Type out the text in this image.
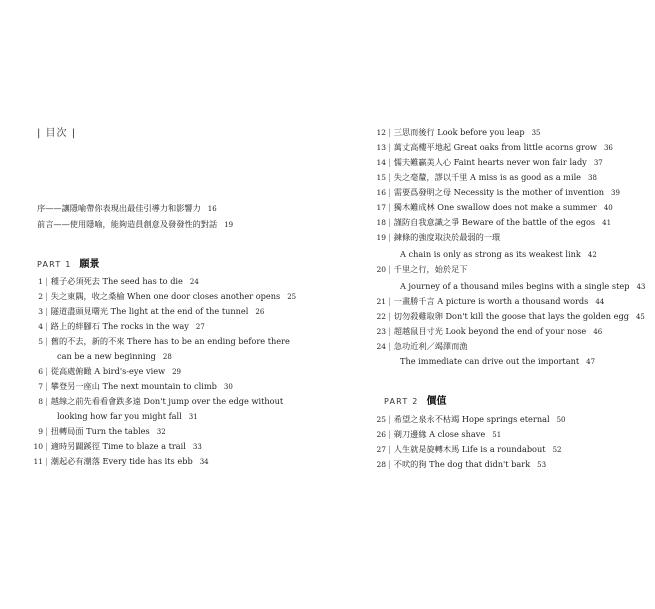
| 目次 |
序——讓隱喻帶你表現出最佳引導力和影響力 16
前言——使用隱喻，能夠造員創意及發發性的對話 19
PART 1 願景
1 | 種子必須死去 The seed has to die 24
2 | 失之東隅，收之桑榆 When one door closes another opens 25
3 | 隧道盡頭見曙光 The light at the end of the tunnel 26
4 | 路上的絆腳石 The rocks in the way 27
5 | 舊的不去，新的不來 There has to be an ending before there
can be a new beginning 28
6 | 從高處俯瞰 A bird's-eye view 29
7 | 攀登另一座山 The next mountain to climb 30
8 | 越線之前先看看會跌多遠 Don't jump over the edge without
looking how far you might fall 31
9 | 扭轉局面 Turn the tables 32
10 | 適時另闢蹊徑 Time to blaze a trail 33
11 | 潮起必有潮落 Every tide has its ebb 34
12 | 三思而後行 Look before you leap 35
13 | 萬丈高樓平地起 Great oaks from little acorns grow 36
14 | 懦夫難贏美人心 Faint hearts never won fair lady 37
15 | 失之毫釐，謬以千里 A miss is as good as a mile 38
16 | 需要爲發明之母 Necessity is the mother of invention 39
17 | 獨木難成林 One swallow does not make a summer 40
18 | 謹防自我意識之爭 Beware of the battle of the egos 41
19 | 鍊條的強度取決於最弱的一環
A chain is only as strong as its weakest link 42
20 | 千里之行，始於足下
A journey of a thousand miles begins with a single step 43
21 | 一畫勝千言 A picture is worth a thousand words 44
22 | 切勿殺雞取卵 Don't kill the goose that lays the golden egg 45
23 | 超越鼠目寸光 Look beyond the end of your nose 46
24 | 急功近利／竭澤而漁
The immediate can drive out the important 47
PART 2 價值
25 | 希望之泉永不枯竭 Hope springs eternal 50
26 | 剃刀邊緣 A close shave 51
27 | 人生就是旋轉木馬 Life is a roundabout 52
28 | 不吠的狗 The dog that didn't bark 53
